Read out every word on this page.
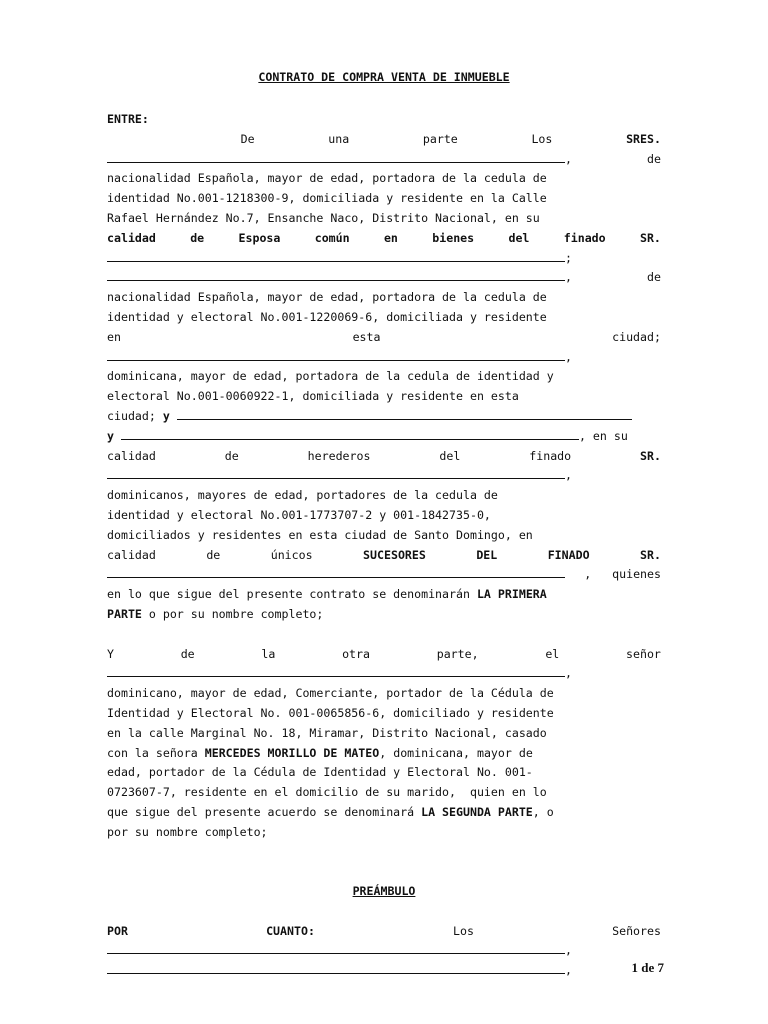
CONTRATO DE COMPRA VENTA DE INMUEBLE
ENTRE:
De	una	parte	Los	SRES.
,	de
nacionalidad Española, mayor de edad, portadora de la cedula de
identidad No.001-1218300-9, domiciliada y residente en la Calle
Rafael Hernández No.7, Ensanche Naco, Distrito Nacional, en su
calidad	de	Esposa	común	en	bienes	del	finado	SR.
;
,	de
nacionalidad Española, mayor de edad, portadora de la cedula de
identidad y electoral No.001-1220069-6, domiciliada y residente
en	esta	ciudad;
,
dominicana, mayor de edad, portadora de la cedula de identidad y
electoral No.001-0060922-1, domiciliada y residente en esta
ciudad; y
y	, en su
calidad	de	herederos	del	finado	SR.
,
dominicanos, mayores de edad, portadores de la cedula de
identidad y electoral No.001-1773707-2 y 001-1842735-0,
domiciliados y residentes en esta ciudad de Santo Domingo, en
calidad	de	únicos	SUCESORES	DEL	FINADO	SR.
,   quienes
en lo que sigue del presente contrato se denominarán LA PRIMERA
PARTE o por su nombre completo;
Y	de	la	otra	parte,	el	señor
,
dominicano, mayor de edad, Comerciante, portador de la Cédula de
Identidad y Electoral No. 001-0065856-6, domiciliado y residente
en la calle Marginal No. 18, Miramar, Distrito Nacional, casado
con la señora MERCEDES MORILLO DE MATEO, dominicana, mayor de
edad, portador de la Cédula de Identidad y Electoral No. 001-
0723607-7, residente en el domicilio de su marido,  quien en lo
que sigue del presente acuerdo se denominará LA SEGUNDA PARTE, o
por su nombre completo;
PREÁMBULO
POR	CUANTO:	Los	Señores
,
,	1 de 7
